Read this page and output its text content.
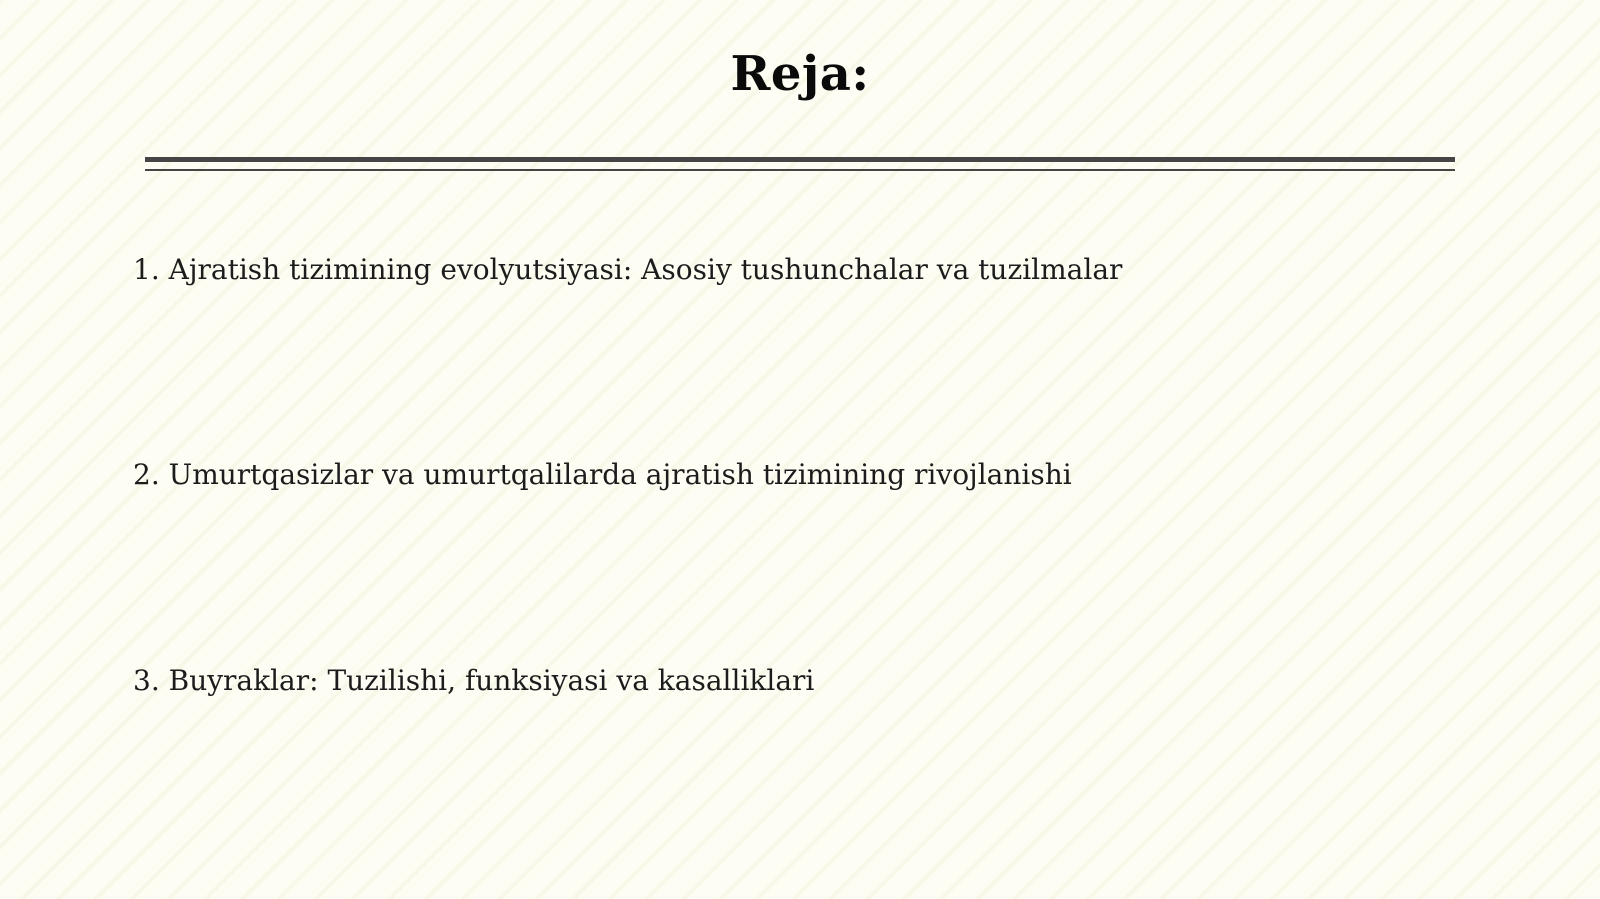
Reja:
1. Ajratish tizimining evolyutsiyasi: Asosiy tushunchalar va tuzilmalar
2. Umurtqasizlar va umurtqalilarda ajratish tizimining rivojlanishi
3. Buyraklar: Tuzilishi, funksiyasi va kasalliklari
